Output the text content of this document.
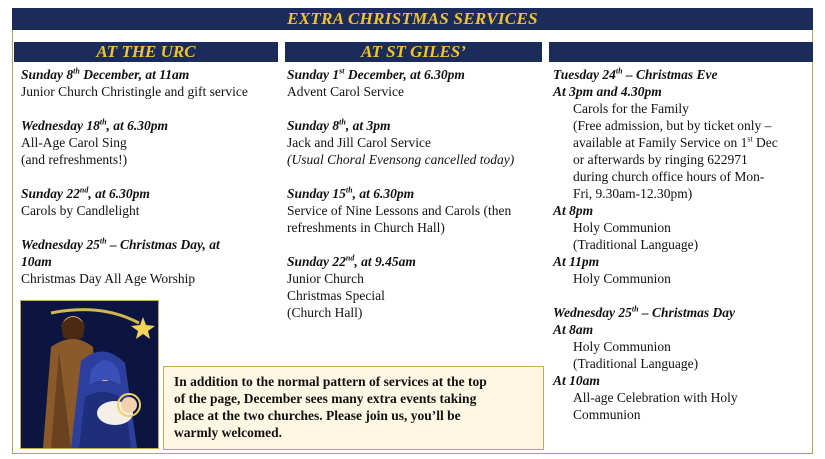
EXTRA CHRISTMAS SERVICES
AT THE URC	AT ST GILES’

Sunday 8th December, at 11am

Junior Church Christingle and gift service

Wednesday 18th, at 6.30pm

All-Age Carol Sing

(and refreshments!)

Sunday 22nd, at 6.30pm

Carols by Candlelight

Wednesday 25th – Christmas Day, at

10am

Christmas Day All Age Worship

Sunday 1st December, at 6.30pm

Advent Carol Service

Sunday 8th, at 3pm

Jack and Jill Carol Service

(Usual Choral Evensong cancelled today)

Sunday 15th, at 6.30pm

Service of Nine Lessons and Carols (then

refreshments in Church Hall)

Sunday 22nd, at 9.45am

Junior Church

Christmas Special

(Church Hall)

Tuesday 24th – Christmas Eve

At 3pm and 4.30pm

Carols for the Family

(Free admission, but by ticket only –

available at Family Service on 1st Dec

or afterwards by ringing 622971

during church office hours of Mon-

Fri, 9.30am-12.30pm)

At 8pm

Holy Communion

(Traditional Language)

At 11pm

Holy Communion

Wednesday 25th – Christmas Day

At 8am

Holy Communion

(Traditional Language)

At 10am

All-age Celebration with Holy

Communion

In addition to the normal pattern of services at the top

of the page, December sees many extra events taking

place at the two churches. Please join us, you’ll be

warmly welcomed.
